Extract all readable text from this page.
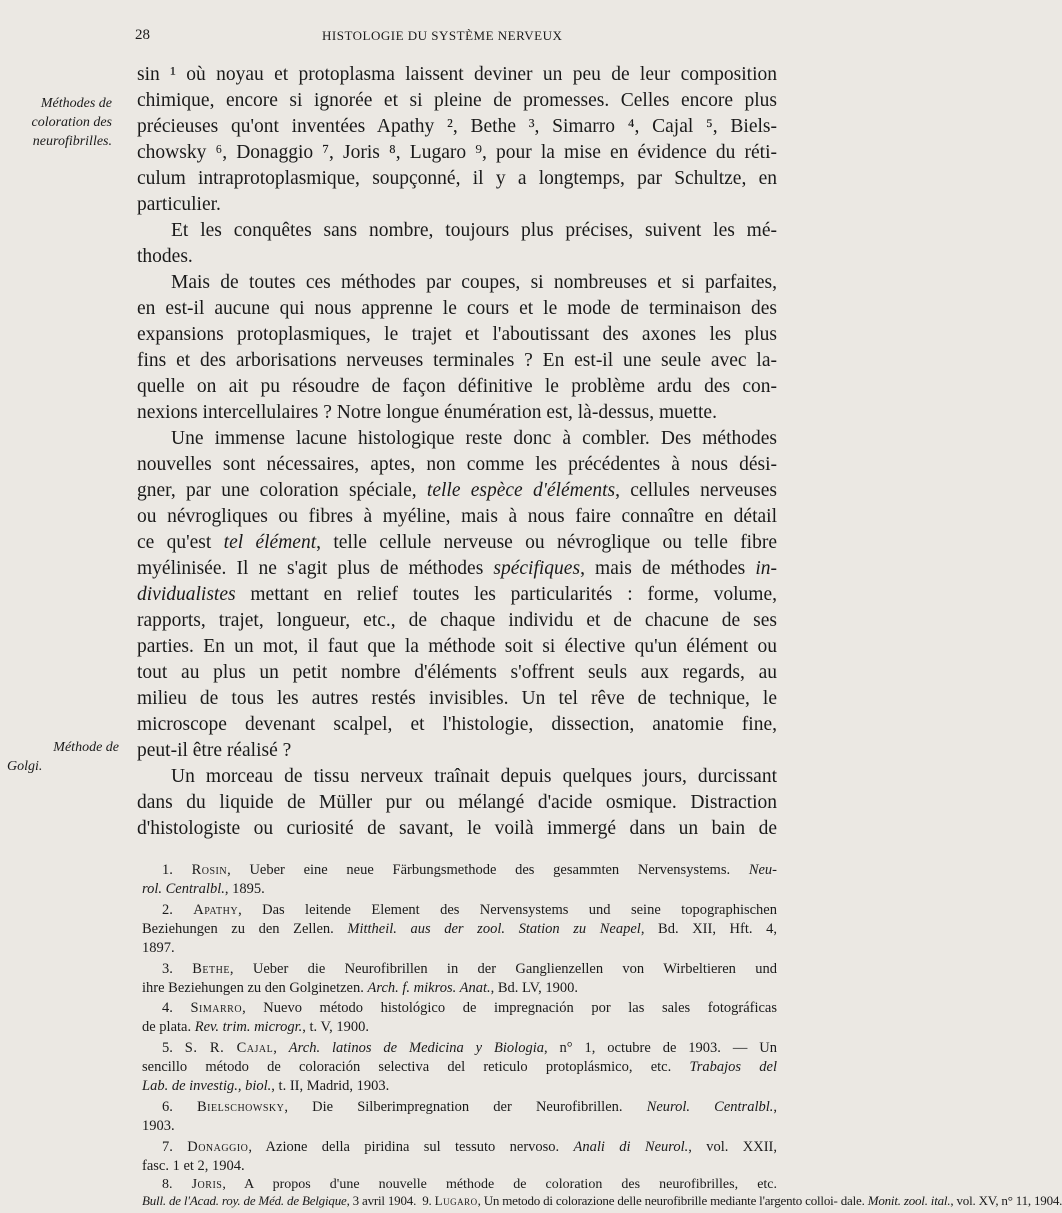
28	HISTOLOGIE DU SYSTÈME NERVEUX
Méthodes de
coloration des
neurofibrilles.
Méthode de
Golgi.
sin ¹ où noyau et protoplasma laissent deviner un peu de leur composition
chimique, encore si ignorée et si pleine de promesses. Celles encore plus
précieuses qu'ont inventées Apathy ², Bethe ³, Simarro ⁴, Cajal ⁵, Biels-
chowsky ⁶, Donaggio ⁷, Joris ⁸, Lugaro ⁹, pour la mise en évidence du réti-
culum intraprotoplasmique, soupçonné, il y a longtemps, par Schultze, en
particulier.
Et les conquêtes sans nombre, toujours plus précises, suivent les mé-
thodes.
Mais de toutes ces méthodes par coupes, si nombreuses et si parfaites,
en est-il aucune qui nous apprenne le cours et le mode de terminaison des
expansions protoplasmiques, le trajet et l'aboutissant des axones les plus
fins et des arborisations nerveuses terminales ? En est-il une seule avec la-
quelle on ait pu résoudre de façon définitive le problème ardu des con-
nexions intercellulaires ? Notre longue énumération est, là-dessus, muette.
Une immense lacune histologique reste donc à combler. Des méthodes
nouvelles sont nécessaires, aptes, non comme les précédentes à nous dési-
gner, par une coloration spéciale, telle espèce d'éléments, cellules nerveuses
ou névrogliques ou fibres à myéline, mais à nous faire connaître en détail
ce qu'est tel élément, telle cellule nerveuse ou névroglique ou telle fibre
myélinisée. Il ne s'agit plus de méthodes spécifiques, mais de méthodes in-
dividualistes mettant en relief toutes les particularités : forme, volume,
rapports, trajet, longueur, etc., de chaque individu et de chacune de ses
parties. En un mot, il faut que la méthode soit si élective qu'un élément ou
tout au plus un petit nombre d'éléments s'offrent seuls aux regards, au
milieu de tous les autres restés invisibles. Un tel rêve de technique, le
microscope devenant scalpel, et l'histologie, dissection, anatomie fine,
peut-il être réalisé ?
Un morceau de tissu nerveux traînait depuis quelques jours, durcissant
dans du liquide de Müller pur ou mélangé d'acide osmique. Distraction
d'histologiste ou curiosité de savant, le voilà immergé dans un bain de
1. Rosin, Ueber eine neue Färbungsmethode des gesammten Nervensystems. Neu-
rol. Centralbl., 1895.
2. Apathy, Das leitende Element des Nervensystems und seine topographischen
Beziehungen zu den Zellen. Mittheil. aus der zool. Station zu Neapel, Bd. XII, Hft. 4,
1897.
3. Bethe, Ueber die Neurofibrillen in der Ganglienzellen von Wirbeltieren und
ihre Beziehungen zu den Golginetzen. Arch. f. mikros. Anat., Bd. LV, 1900.
4. Simarro, Nuevo método histológico de impregnación por las sales fotográficas
de plata. Rev. trim. microgr., t. V, 1900.
5. S. R. Cajal, Arch. latinos de Medicina y Biologia, n° 1, octubre de 1903. — Un
sencillo método de coloración selectiva del reticulo protoplásmico, etc. Trabajos del
Lab. de investig., biol., t. II, Madrid, 1903.
6. Bielschowsky, Die Silberimpregnation der Neurofibrillen. Neurol. Centralbl.,
1903.
7. Donaggio, Azione della piridina sul tessuto nervoso. Anali di Neurol., vol. XXII,
fasc. 1 et 2, 1904.
8. Joris, A propos d'une nouvelle méthode de coloration des neurofibrilles, etc.
Bull. de l'Acad. roy. de Méd. de Belgique, 3 avril 1904. 9. Lugaro, Un metodo di colorazione delle neurofibrille mediante l'argento colloi- dale. Monit. zool. ital., vol. XV, n° 11, 1904.
